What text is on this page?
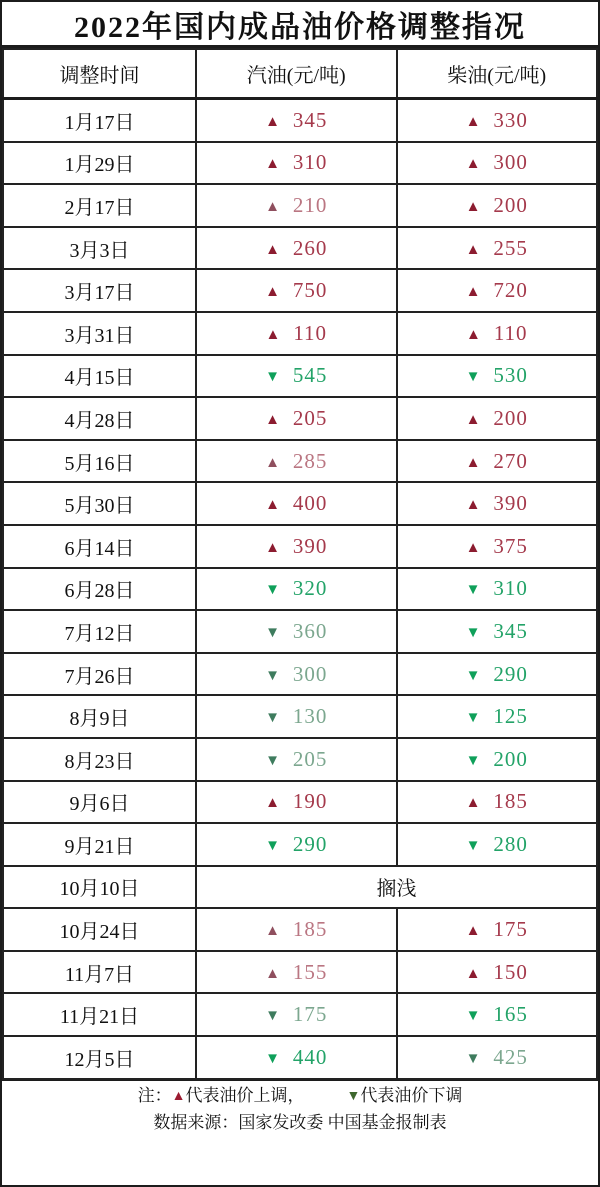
2022年国内成品油价格调整指况
调整时间	汽油(元/吨)	柴油(元/吨)
1月17日	▲ 345	▲ 330
1月29日	▲ 310	▲ 300
2月17日	▲ 210	▲ 200
3月3日	▲ 260	▲ 255
3月17日	▲ 750	▲ 720
3月31日	▲ 110	▲ 110
4月15日	▼ 545	▼ 530
4月28日	▲ 205	▲ 200
5月16日	▲ 285	▲ 270
5月30日	▲ 400	▲ 390
6月14日	▲ 390	▲ 375
6月28日	▼ 320	▼ 310
7月12日	▼ 360	▼ 345
7月26日	▼ 300	▼ 290
8月9日	▼ 130	▼ 125
8月23日	▼ 205	▼ 200
9月6日	▲ 190	▲ 185
9月21日	▼ 290	▼ 280
10月10日	搁浅	
10月24日	▲ 185	▲ 175
11月7日	▲ 155	▲ 150
11月21日	▼ 175	▼ 165
12月5日	▼ 440	▼ 425
注：▲代表油价上调，	▼代表油价下调
数据来源：国家发改委 中国基金报制表
